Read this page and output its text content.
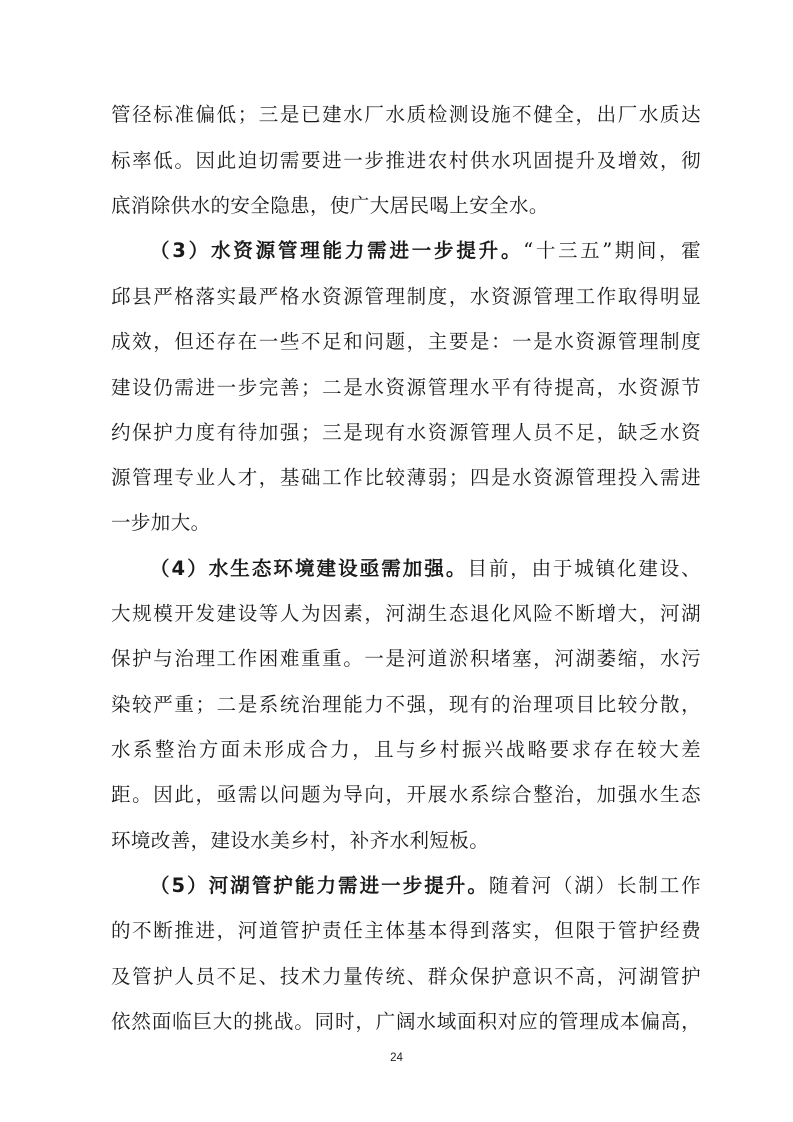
管径标准偏低；三是已建水厂水质检测设施不健全，出厂水质达
标率低。因此迫切需要进一步推进农村供水巩固提升及增效，彻
底消除供水的安全隐患，使广大居民喝上安全水。
（3）水资源管理能力需进一步提升。“十三五”期间，霍
邱县严格落实最严格水资源管理制度，水资源管理工作取得明显
成效，但还存在一些不足和问题，主要是：一是水资源管理制度
建设仍需进一步完善；二是水资源管理水平有待提高，水资源节
约保护力度有待加强；三是现有水资源管理人员不足，缺乏水资
源管理专业人才，基础工作比较薄弱；四是水资源管理投入需进
一步加大。
（4）水生态环境建设亟需加强。目前，由于城镇化建设、
大规模开发建设等人为因素，河湖生态退化风险不断增大，河湖
保护与治理工作困难重重。一是河道淤积堵塞，河湖萎缩，水污
染较严重；二是系统治理能力不强，现有的治理项目比较分散，
水系整治方面未形成合力，且与乡村振兴战略要求存在较大差
距。因此，亟需以问题为导向，开展水系综合整治，加强水生态
环境改善，建设水美乡村，补齐水利短板。
（5）河湖管护能力需进一步提升。随着河（湖）长制工作
的不断推进，河道管护责任主体基本得到落实，但限于管护经费
及管护人员不足、技术力量传统、群众保护意识不高，河湖管护
依然面临巨大的挑战。同时，广阔水域面积对应的管理成本偏高，
24
